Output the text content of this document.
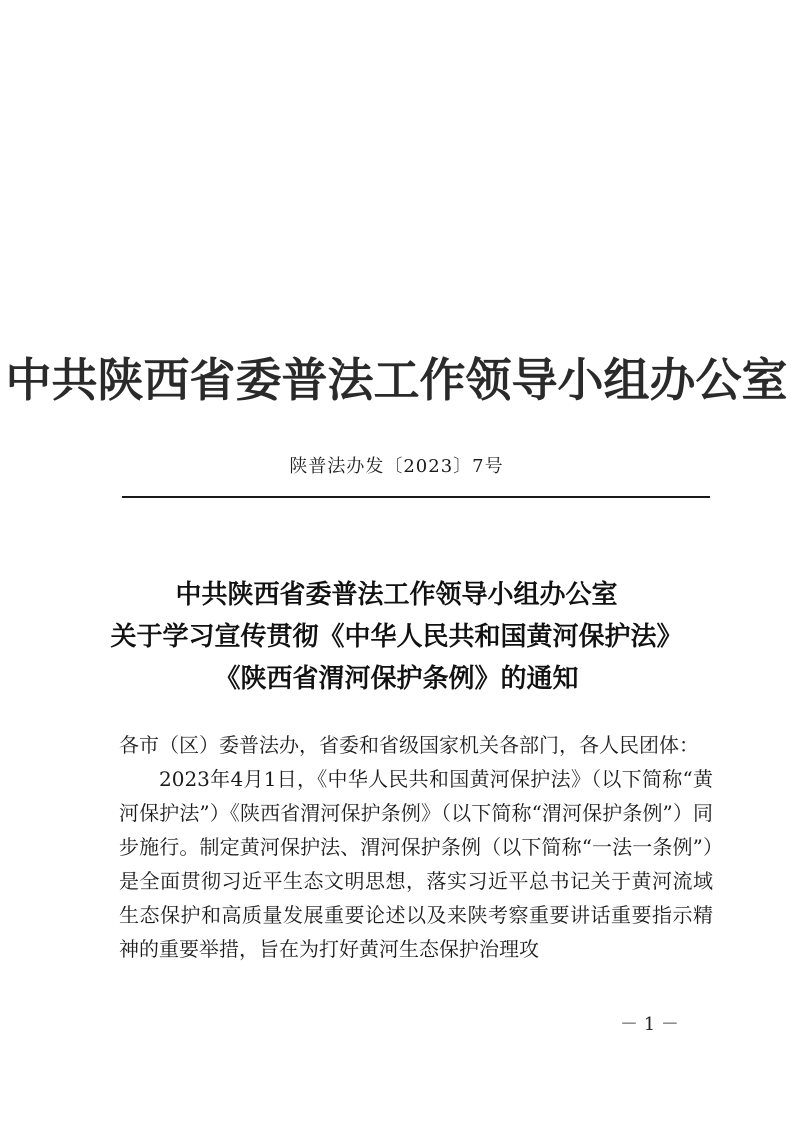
中共陕西省委普法工作领导小组办公室
陕普法办发〔2023〕7号
中共陕西省委普法工作领导小组办公室
关于学习宣传贯彻《中华人民共和国黄河保护法》
《陕西省渭河保护条例》的通知

各市（区）委普法办，省委和省级国家机关各部门，各人民团体：

2023年4月1日，《中华人民共和国黄河保护法》（以下简称“黄河保护法”）《陕西省渭河保护条例》（以下简称“渭河保护条例”）同步施行。制定黄河保护法、渭河保护条例（以下简称“一法一条例”）是全面贯彻习近平生态文明思想，落实习近平总书记关于黄河流域生态保护和高质量发展重要论述以及来陕考察重要讲话重要指示精神的重要举措，旨在为打好黄河生态保护治理攻

－ 1 －
